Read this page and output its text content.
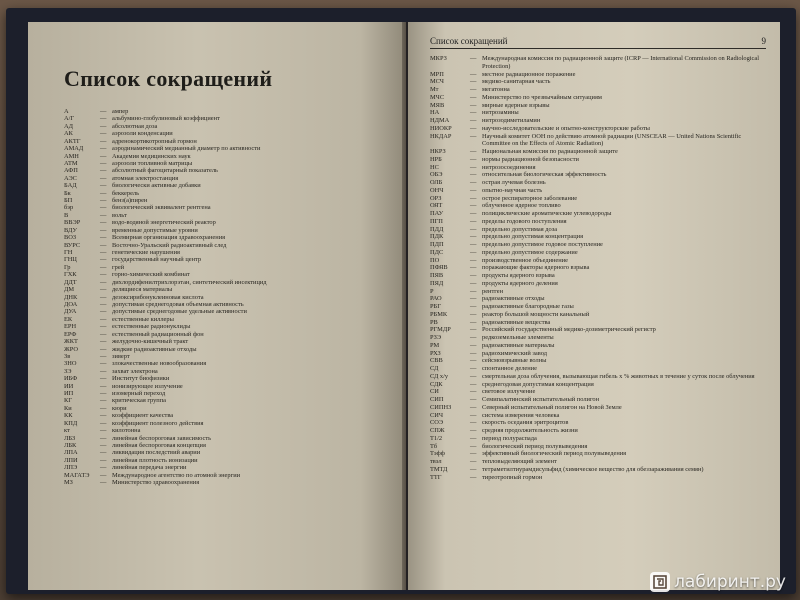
Список сокращений
А	— ампер
А/Г	— альбумино-глобулиновый коэффициент
АД	— абсолютная доза
АК	— аэрозоли конденсации
АКТГ	— адренокортикотропный гормон
АМАД	— аэродинамический медианный диаметр по активности
АМН	— Академия медицинских наук
АТМ	— аэрозоли топливной матрицы
АФП	— абсолютный фагоцитарный показатель
АЭС	— атомная электростанция
БАД	— биологически активные добавки
Бк	— беккерель
БП	— бенз(а)пирен
бэр	— биологический эквивалент рентгена
В	— вольт
ВВЭР	— водо-водяной энергетический реактор
ВДУ	— временные допустимые уровни
ВОЗ	— Всемирная организация здравоохранения
ВУРС	— Восточно-Уральский радиоактивный след
ГН	— генетические нарушения
ГНЦ	— государственный научный центр
Гр	— грей
ГХК	— горно-химический комбинат
ДДТ	— дихлордифенилтрихлорэтан, синтетический инсектицид
ДМ	— делящиеся материалы
ДНК	— дезоксирибонуклеиновая кислота
ДОА	— допустимая среднегодовая объемная активность
ДУА	— допустимые среднегодовые удельные активности
ЕК	— естественные киллеры
ЕРН	— естественные радионуклиды
ЕРФ	— естественный радиационный фон
ЖКТ	— желудочно-кишечный тракт
ЖРО	— жидкие радиоактивные отходы
Зв	— зиверт
ЗНО	— злокачественные новообразования
ЗЭ	— захват электрона
ИБФ	— Институт биофизики
ИИ	— ионизирующее излучение
ИП	— изомерный переход
КГ	— критическая группа
Ки	— кюри
КК	— коэффициент качества
КПД	— коэффициент полезного действия
кт	— килотонна
ЛБЗ	— линейная беспороговая зависимость
ЛБК	— линейная беспороговая концепция
ЛПА	— ликвидация последствий аварии
ЛПИ	— линейная плотность ионизации
ЛПЭ	— линейная передача энергии
МАГАТЭ	— Международное агентство по атомной энергии
МЗ	— Министерство здравоохранения
Список сокращений	9
МКРЗ	— Международная комиссия по радиационной защите (ICRP — International Commission on Radiological Protection)
МРП	— местное радиационное поражение
МСЧ	— медико-санитарная часть
Мт	— мегатонна
МЧС	— Министерство по чрезвычайным ситуациям
МЯВ	— мирные ядерные взрывы
НА	— нитрозамины
НДМА	— нитрозодиметиламин
НИОКР	— научно-исследовательские и опытно-конструкторские работы
НКДАР	— Научный комитет ООН по действию атомной радиации (UNSCEAR — United Nations Scientific Committee on the Effects of Atomic Radiation)
НКРЗ	— Национальная комиссия по радиационной защите
НРБ	— нормы радиационной безопасности
НС	— нитрозосоединения
ОБЭ	— относительная биологическая эффективность
ОЛБ	— острая лучевая болезнь
ОНЧ	— опытно-научная часть
ОРЗ	— острое респираторное заболевание
ОЯТ	— облученное ядерное топливо
ПАУ	— полициклические ароматические углеводороды
ПГП	— пределы годового поступления
ПДД	— предельно допустимая доза
ПДК	— предельно допустимая концентрация
ПДП	— предельно допустимое годовое поступление
ПДС	— предельно допустимое содержание
ПО	— производственное объединение
ПФЯВ	— поражающие факторы ядерного взрыва
ПЯВ	— продукты ядерного взрыва
ПЯД	— продукты ядерного деления
Р	— рентген
РАО	— радиоактивные отходы
РБГ	— радиоактивные благородные газы
РБМК	— реактор большой мощности канальный
РВ	— радиоактивные вещества
РГМДР	— Российский государственный медико-дозиметрический регистр
РЗЭ	— редкоземельные элементы
РМ	— радиоактивные материалы
РХЗ	— радиохимический завод
СВВ	— сейсмовзрывные волны
СД	— спонтанное деление
СД x/y	— смертельная доза облучения, вызывающая гибель x % животных в течение y суток после облучения
СДК	— среднегодовая допустимая концентрация
СИ	— световое излучение
СИП	— Семипалатинский испытательный полигон
СИПНЗ	— Северный испытательный полигон на Новой Земле
СИЧ	— система измерения человека
СОЭ	— скорость оседания эритроцитов
СПЖ	— средняя продолжительность жизни
T1/2	— период полураспада
Tб	— биологический период полувыведения
Tэфф	— эффективный биологический период полувыведения
твэл	— тепловыделяющий элемент
ТМТД	— тетраметилтиурамдисульфид (химическое вещество для обеззараживания семян)
ТТГ	— тиреотропный гормон
лабиринт.ру
